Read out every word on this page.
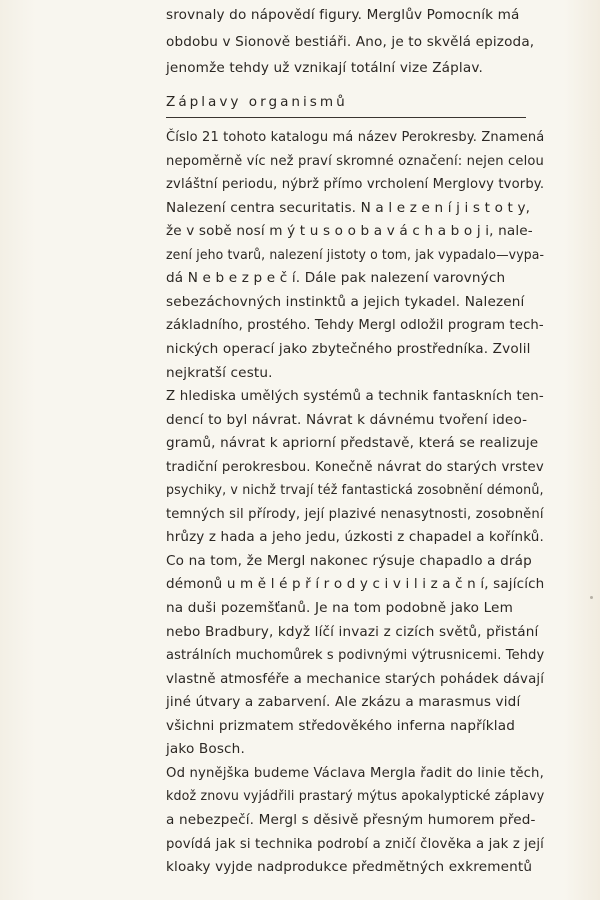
srovnaly do nápovědí figury. Merglův Pomocník má
obdobu v Sionově bestiáři. Ano, je to skvělá epizoda,
jenomže tehdy už vznikají totální vize Záplav.
Záplavy organismů
Číslo 21 tohoto katalogu má název Perokresby. Znamená
nepoměrně víc než praví skromné označení: nejen celou
zvláštní periodu, nýbrž přímo vrcholení Merglovy tvorby.
Nalezení centra securitatis. N a l e z e n í j i s t o t y,
že v sobě nosí m ý t u s o o b a v á c h a b o j i, nale-
zení jeho tvarů, nalezení jistoty o tom, jak vypadalo—vypa-
dá N e b e z p e č í. Dále pak nalezení varovných
sebezáchovných instinktů a jejich tykadel. Nalezení
základního, prostého. Tehdy Mergl odložil program tech-
nických operací jako zbytečného prostředníka. Zvolil
nejkratší cestu.
Z hlediska umělých systémů a technik fantaskních ten-
dencí to byl návrat. Návrat k dávnému tvoření ideo-
gramů, návrat k apriorní představě, která se realizuje
tradiční perokresbou. Konečně návrat do starých vrstev
psychiky, v nichž trvají též fantastická zosobnění démonů,
temných sil přírody, její plazivé nenasytnosti, zosobnění
hrůzy z hada a jeho jedu, úzkosti z chapadel a kořínků.
Co na tom, že Mergl nakonec rýsuje chapadlo a dráp
démonů u m ě l é p ř í r o d y c i v i l i z a č n í, sajících
na duši pozemšťanů. Je na tom podobně jako Lem
nebo Bradbury, když líčí invazi z cizích světů, přistání
astrálních muchomůrek s podivnými výtrusnicemi. Tehdy
vlastně atmosféře a mechanice starých pohádek dávají
jiné útvary a zabarvení. Ale zkázu a marasmus vidí
všichni prizmatem středověkého inferna například
jako Bosch.
Od nynějška budeme Václava Mergla řadit do linie těch,
kdož znovu vyjádřili prastarý mýtus apokalyptické záplavy
a nebezpečí. Mergl s děsivě přesným humorem před-
povídá jak si technika podrobí a zničí člověka a jak z její
kloaky vyjde nadprodukce předmětných exkrementů
